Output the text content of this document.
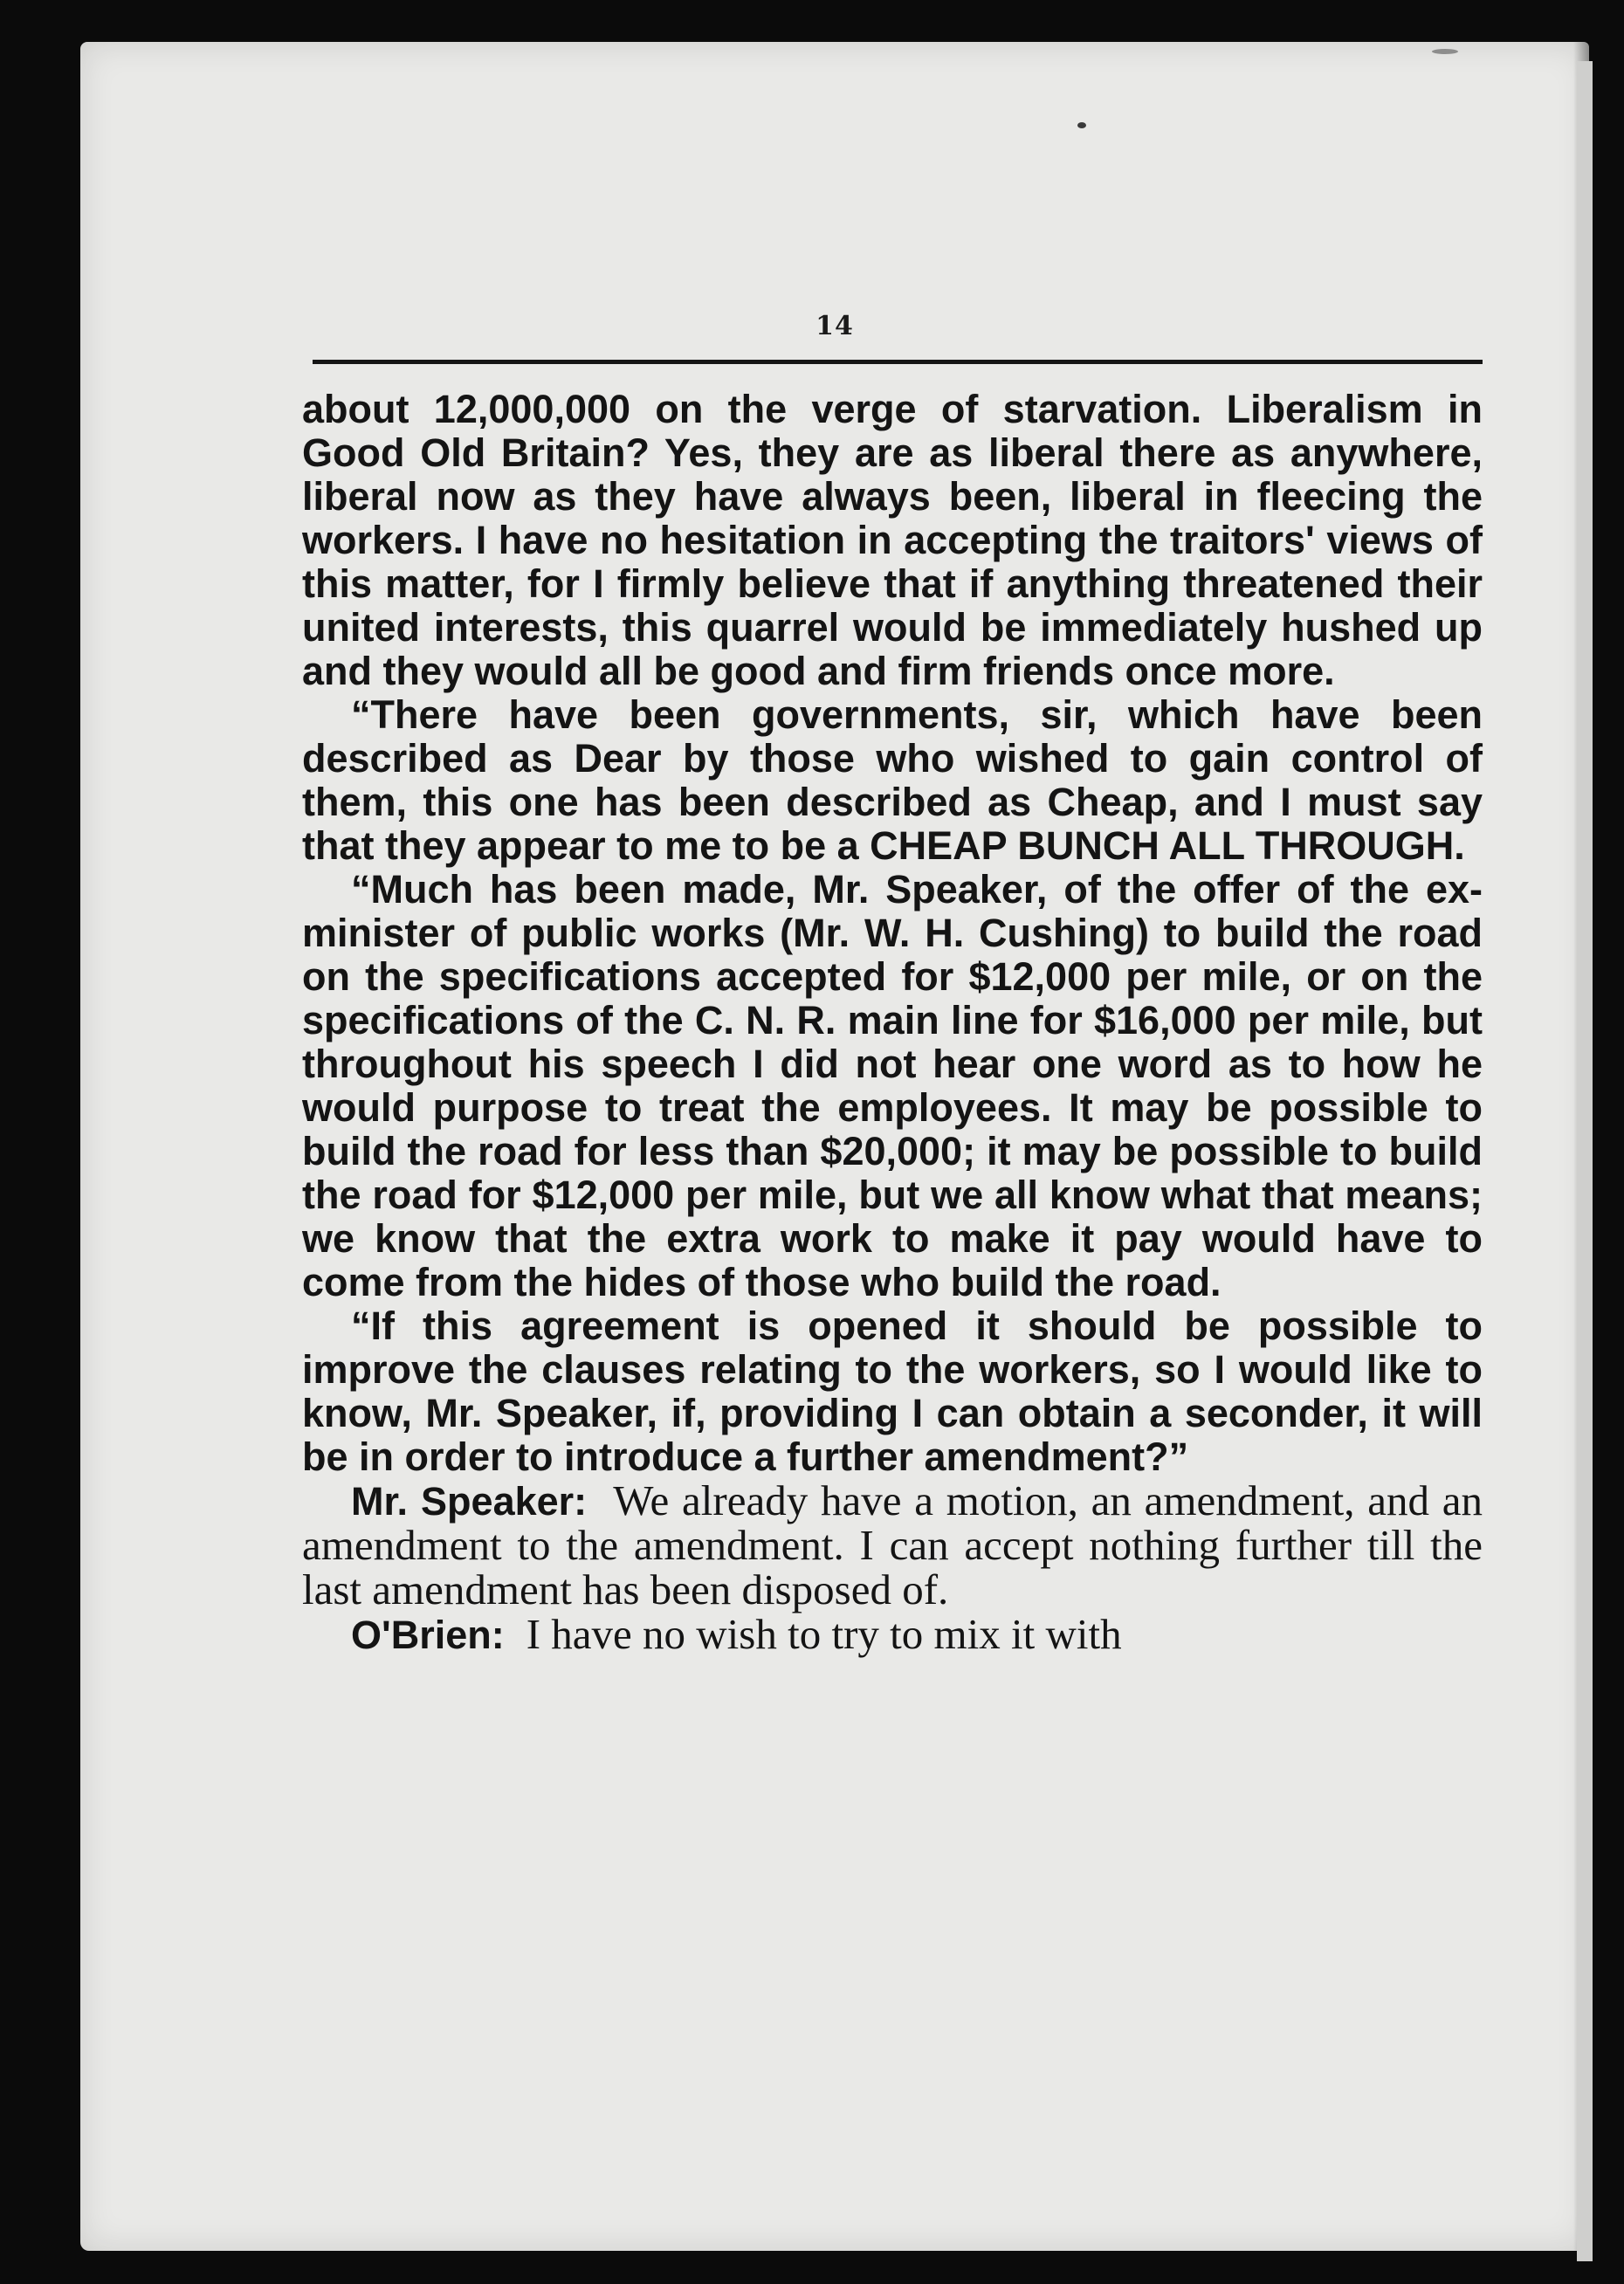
14

about 12,000,000 on the verge of starvation. Liberalism in Good Old Britain? Yes, they are as liberal there as anywhere, liberal now as they have always been, liberal in fleecing the workers. I have no hesitation in accepting the traitors' views of this matter, for I firmly believe that if anything threatened their united interests, this quarrel would be immediately hushed up and they would all be good and firm friends once more.

“There have been governments, sir, which have been described as Dear by those who wished to gain control of them, this one has been described as Cheap, and I must say that they appear to me to be a CHEAP BUNCH ALL THROUGH.

“Much has been made, Mr. Speaker, of the offer of the ex-minister of public works (Mr. W. H. Cushing) to build the road on the specifications accepted for $12,000 per mile, or on the specifications of the C. N. R. main line for $16,000 per mile, but throughout his speech I did not hear one word as to how he would purpose to treat the employees. It may be possible to build the road for less than $20,000; it may be possible to build the road for $12,000 per mile, but we all know what that means; we know that the extra work to make it pay would have to come from the hides of those who build the road.

“If this agreement is opened it should be possible to improve the clauses relating to the workers, so I would like to know, Mr. Speaker, if, providing I can obtain a seconder, it will be in order to introduce a further amendment?”

Mr. Speaker: We already have a motion, an amendment, and an amendment to the amendment. I can accept nothing further till the last amendment has been disposed of.

O'Brien: I have no wish to try to mix it with
